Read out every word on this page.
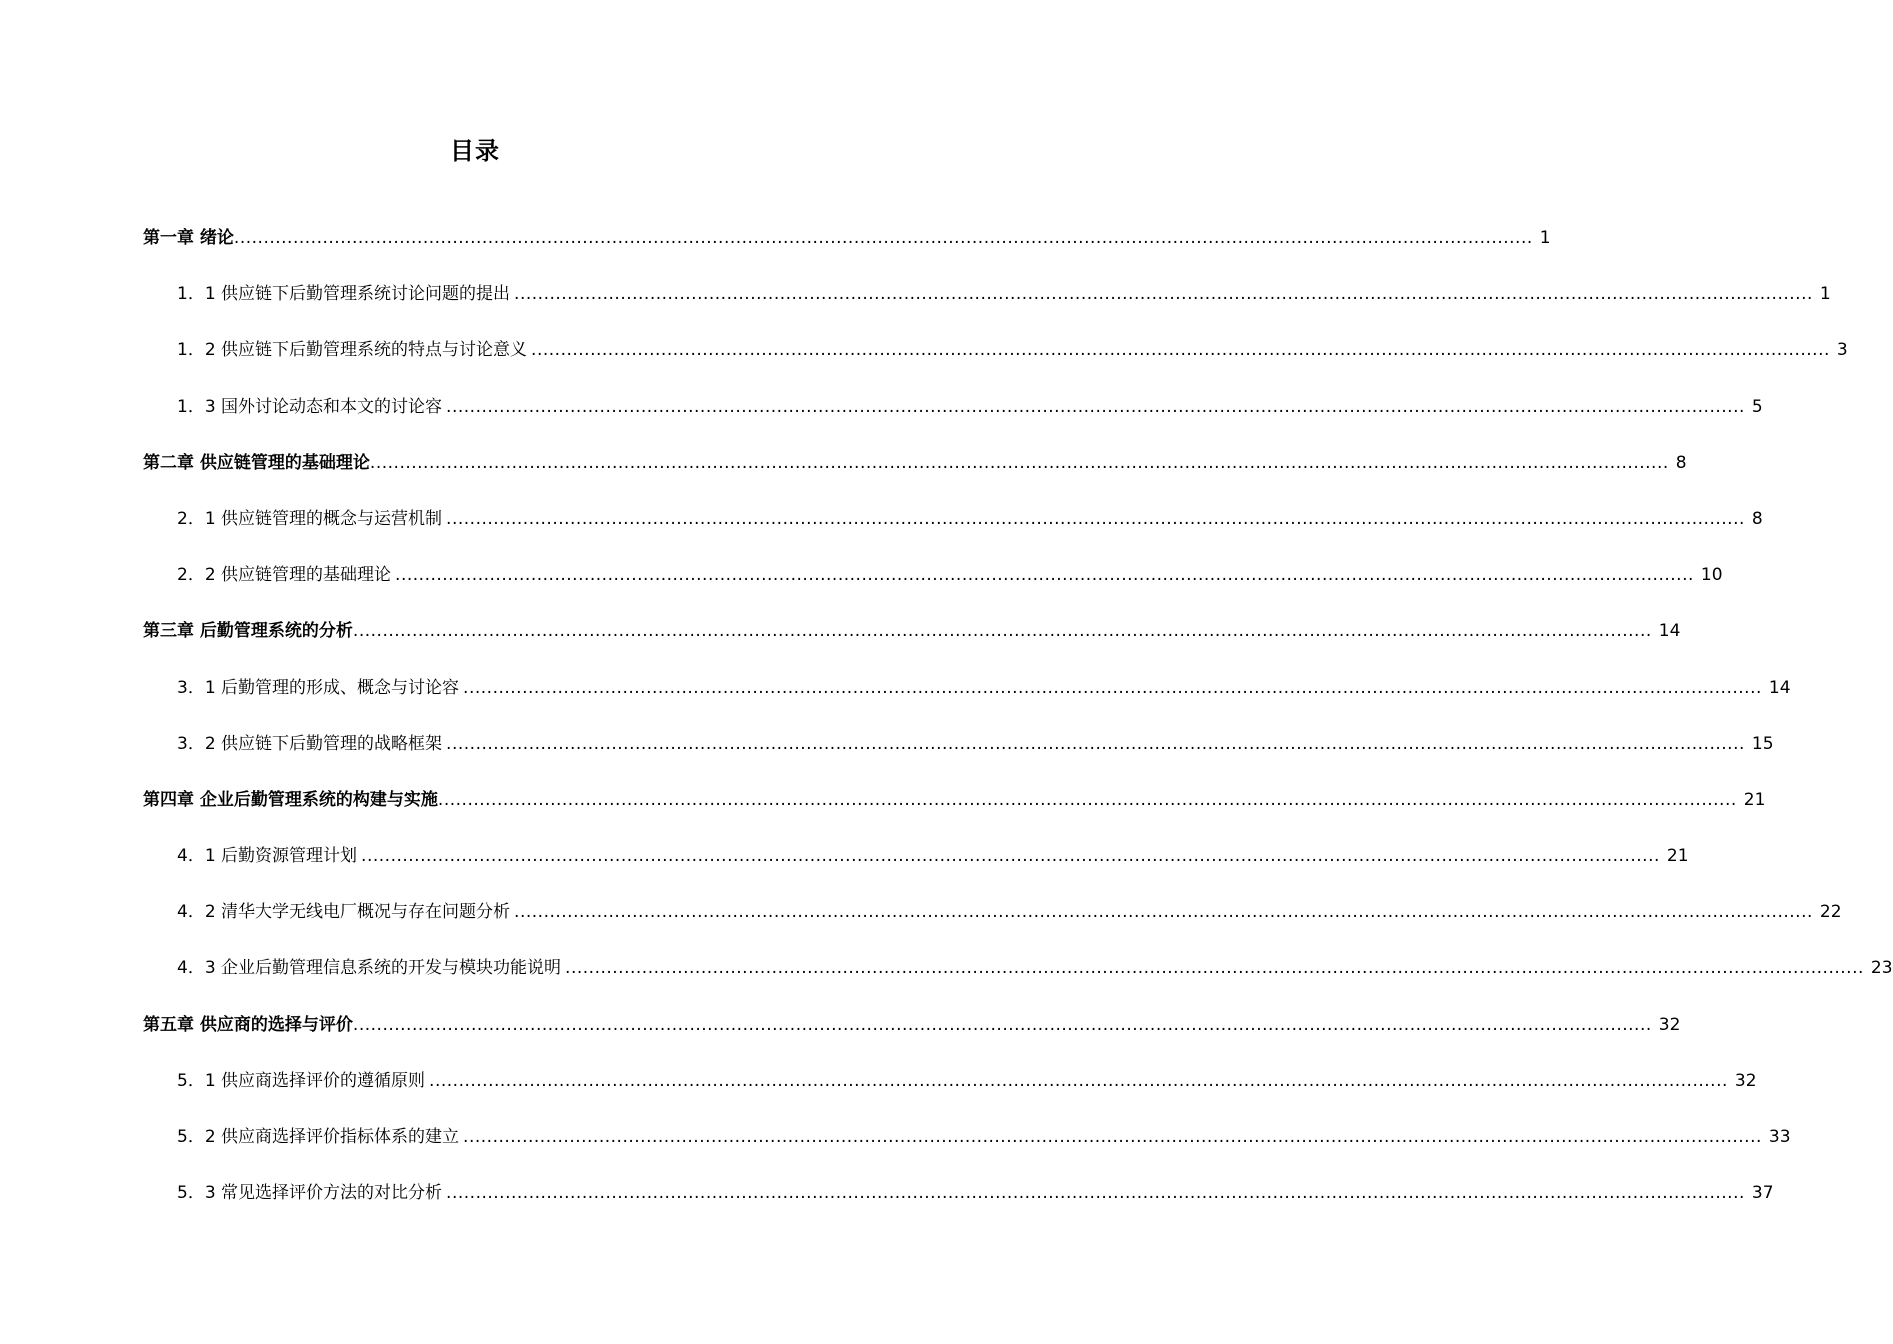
目录
第一章 绪论 ............................................................................................................................................................................................................................ 1
1．1 供应链下后勤管理系统讨论问题的提出 ............................................................................................................................................................................................................................ 1
1．2 供应链下后勤管理系统的特点与讨论意义 ............................................................................................................................................................................................................................ 3
1．3 国外讨论动态和本文的讨论容 ............................................................................................................................................................................................................................ 5
第二章 供应链管理的基础理论 ............................................................................................................................................................................................................................ 8
2．1 供应链管理的概念与运营机制 ............................................................................................................................................................................................................................ 8
2．2 供应链管理的基础理论 ............................................................................................................................................................................................................................ 10
第三章 后勤管理系统的分析 ............................................................................................................................................................................................................................ 14
3．1 后勤管理的形成、概念与讨论容 ............................................................................................................................................................................................................................ 14
3．2 供应链下后勤管理的战略框架 ............................................................................................................................................................................................................................ 15
第四章 企业后勤管理系统的构建与实施 ............................................................................................................................................................................................................................ 21
4．1 后勤资源管理计划 ............................................................................................................................................................................................................................ 21
4．2 清华大学无线电厂概况与存在问题分析 ............................................................................................................................................................................................................................ 22
4．3 企业后勤管理信息系统的开发与模块功能说明 ............................................................................................................................................................................................................................ 23
第五章 供应商的选择与评价 ............................................................................................................................................................................................................................ 32
5．1 供应商选择评价的遵循原则 ............................................................................................................................................................................................................................ 32
5．2 供应商选择评价指标体系的建立 ............................................................................................................................................................................................................................ 33
5．3 常见选择评价方法的对比分析 ............................................................................................................................................................................................................................ 37
